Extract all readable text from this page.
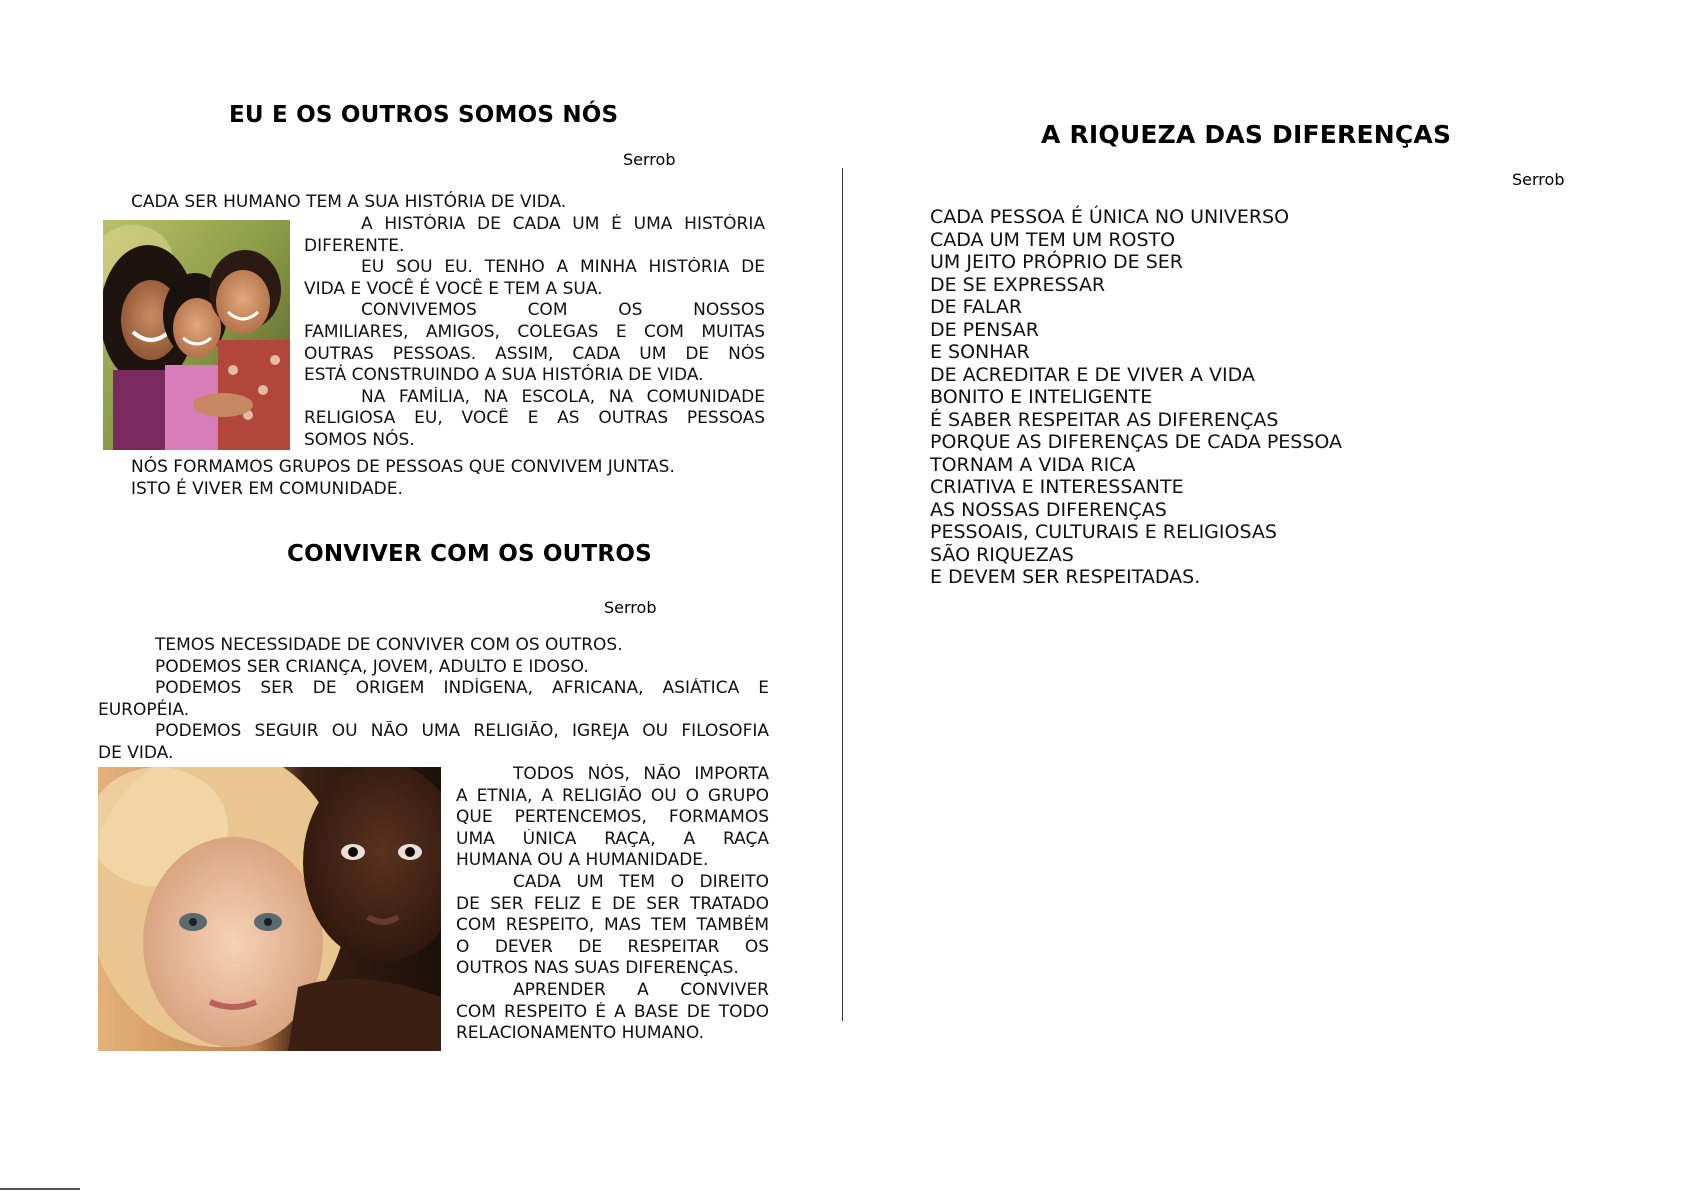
EU E OS OUTROS SOMOS NÓS
Serrob
CADA SER HUMANO TEM A SUA HISTÓRIA DE VIDA.
A HISTÓRIA DE CADA UM É UMA HISTÓRIA
DIFERENTE.
EU SOU EU. TENHO A MINHA HISTÓRIA DE
VIDA E VOCÊ É VOCÊ E TEM A SUA.
CONVIVEMOS COM OS NOSSOS
FAMILIARES, AMIGOS, COLEGAS E COM MUITAS
OUTRAS PESSOAS. ASSIM, CADA UM DE NÓS
ESTÁ CONSTRUINDO A SUA HISTÓRIA DE VIDA.
NA FAMÍLIA, NA ESCOLA, NA COMUNIDADE
RELIGIOSA EU, VOCÊ E AS OUTRAS PESSOAS
SOMOS NÓS.
NÓS FORMAMOS GRUPOS DE PESSOAS QUE CONVIVEM JUNTAS.
ISTO É VIVER EM COMUNIDADE.
CONVIVER COM OS OUTROS
Serrob
TEMOS NECESSIDADE DE CONVIVER COM OS OUTROS.
PODEMOS SER CRIANÇA, JOVEM, ADULTO E IDOSO.
PODEMOS SER DE ORIGEM INDÍGENA, AFRICANA, ASIÁTICA E
EUROPÉIA.
PODEMOS SEGUIR OU NÃO UMA RELIGIÃO, IGREJA OU FILOSOFIA
DE VIDA.
TODOS NÓS, NÃO IMPORTA
A ETNIA, A RELIGIÃO OU O GRUPO
QUE PERTENCEMOS, FORMAMOS
UMA ÚNICA RAÇA, A RAÇA
HUMANA OU A HUMANIDADE.
CADA UM TEM O DIREITO
DE SER FELIZ E DE SER TRATADO
COM RESPEITO, MAS TEM TAMBÉM
O DEVER DE RESPEITAR OS
OUTROS NAS SUAS DIFERENÇAS.
APRENDER A CONVIVER
COM RESPEITO É A BASE DE TODO
RELACIONAMENTO HUMANO.
A RIQUEZA DAS DIFERENÇAS
Serrob
CADA PESSOA É ÚNICA NO UNIVERSO
CADA UM TEM UM ROSTO
UM JEITO PRÓPRIO DE SER
DE SE EXPRESSAR
DE FALAR
DE PENSAR
E SONHAR
DE ACREDITAR E DE VIVER A VIDA
BONITO E INTELIGENTE
É SABER RESPEITAR AS DIFERENÇAS
PORQUE AS DIFERENÇAS DE CADA PESSOA
TORNAM A VIDA RICA
CRIATIVA E INTERESSANTE
AS NOSSAS DIFERENÇAS
PESSOAIS, CULTURAIS E RELIGIOSAS
SÃO RIQUEZAS
E DEVEM SER RESPEITADAS.
